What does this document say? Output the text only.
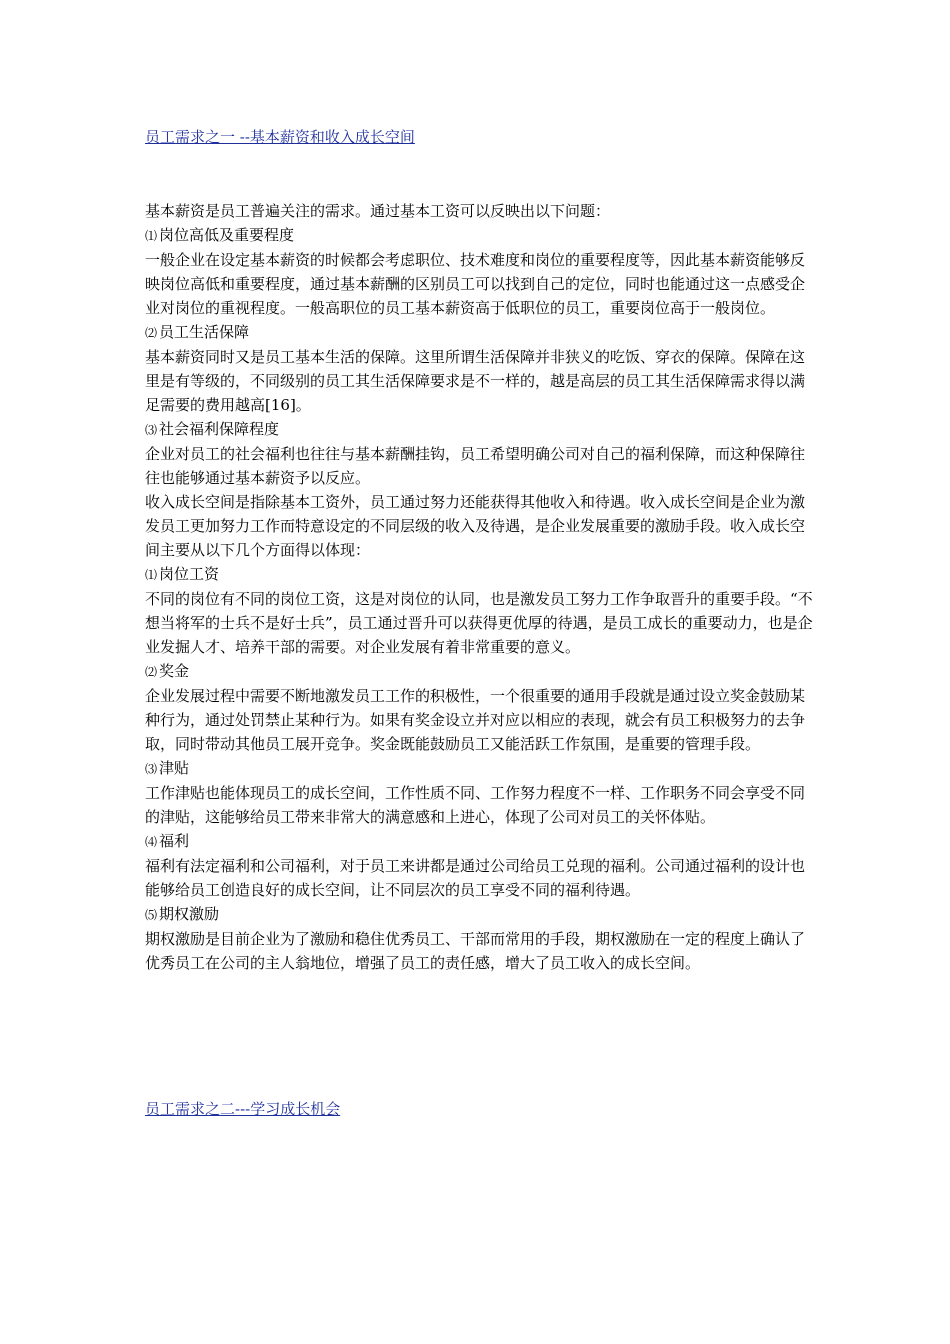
员工需求之一 --基本薪资和收入成长空间

基本薪资是员工普遍关注的需求。通过基本工资可以反映出以下问题：

⑴ 岗位高低及重要程度

一般企业在设定基本薪资的时候都会考虑职位、技术难度和岗位的重要程度等，因此基本薪资能够反映岗位高低和重要程度，通过基本薪酬的区别员工可以找到自己的定位，同时也能通过这一点感受企业对岗位的重视程度。一般高职位的员工基本薪资高于低职位的员工，重要岗位高于一般岗位。

⑵ 员工生活保障

基本薪资同时又是员工基本生活的保障。这里所谓生活保障并非狭义的吃饭、穿衣的保障。保障在这里是有等级的，不同级别的员工其生活保障要求是不一样的，越是高层的员工其生活保障需求得以满足需要的费用越高[16]。

⑶ 社会福利保障程度

企业对员工的社会福利也往往与基本薪酬挂钩，员工希望明确公司对自己的福利保障，而这种保障往往也能够通过基本薪资予以反应。

收入成长空间是指除基本工资外，员工通过努力还能获得其他收入和待遇。收入成长空间是企业为激发员工更加努力工作而特意设定的不同层级的收入及待遇，是企业发展重要的激励手段。收入成长空间主要从以下几个方面得以体现：

⑴ 岗位工资

不同的岗位有不同的岗位工资，这是对岗位的认同，也是激发员工努力工作争取晋升的重要手段。“不想当将军的士兵不是好士兵”，员工通过晋升可以获得更优厚的待遇，是员工成长的重要动力，也是企业发掘人才、培养干部的需要。对企业发展有着非常重要的意义。

⑵ 奖金

企业发展过程中需要不断地激发员工工作的积极性，一个很重要的通用手段就是通过设立奖金鼓励某种行为，通过处罚禁止某种行为。如果有奖金设立并对应以相应的表现，就会有员工积极努力的去争取，同时带动其他员工展开竞争。奖金既能鼓励员工又能活跃工作氛围，是重要的管理手段。

⑶ 津贴

工作津贴也能体现员工的成长空间，工作性质不同、工作努力程度不一样、工作职务不同会享受不同的津贴，这能够给员工带来非常大的满意感和上进心，体现了公司对员工的关怀体贴。

⑷ 福利

福利有法定福利和公司福利，对于员工来讲都是通过公司给员工兑现的福利。公司通过福利的设计也能够给员工创造良好的成长空间，让不同层次的员工享受不同的福利待遇。

⑸ 期权激励

期权激励是目前企业为了激励和稳住优秀员工、干部而常用的手段，期权激励在一定的程度上确认了优秀员工在公司的主人翁地位，增强了员工的责任感，增大了员工收入的成长空间。

员工需求之二---学习成长机会
